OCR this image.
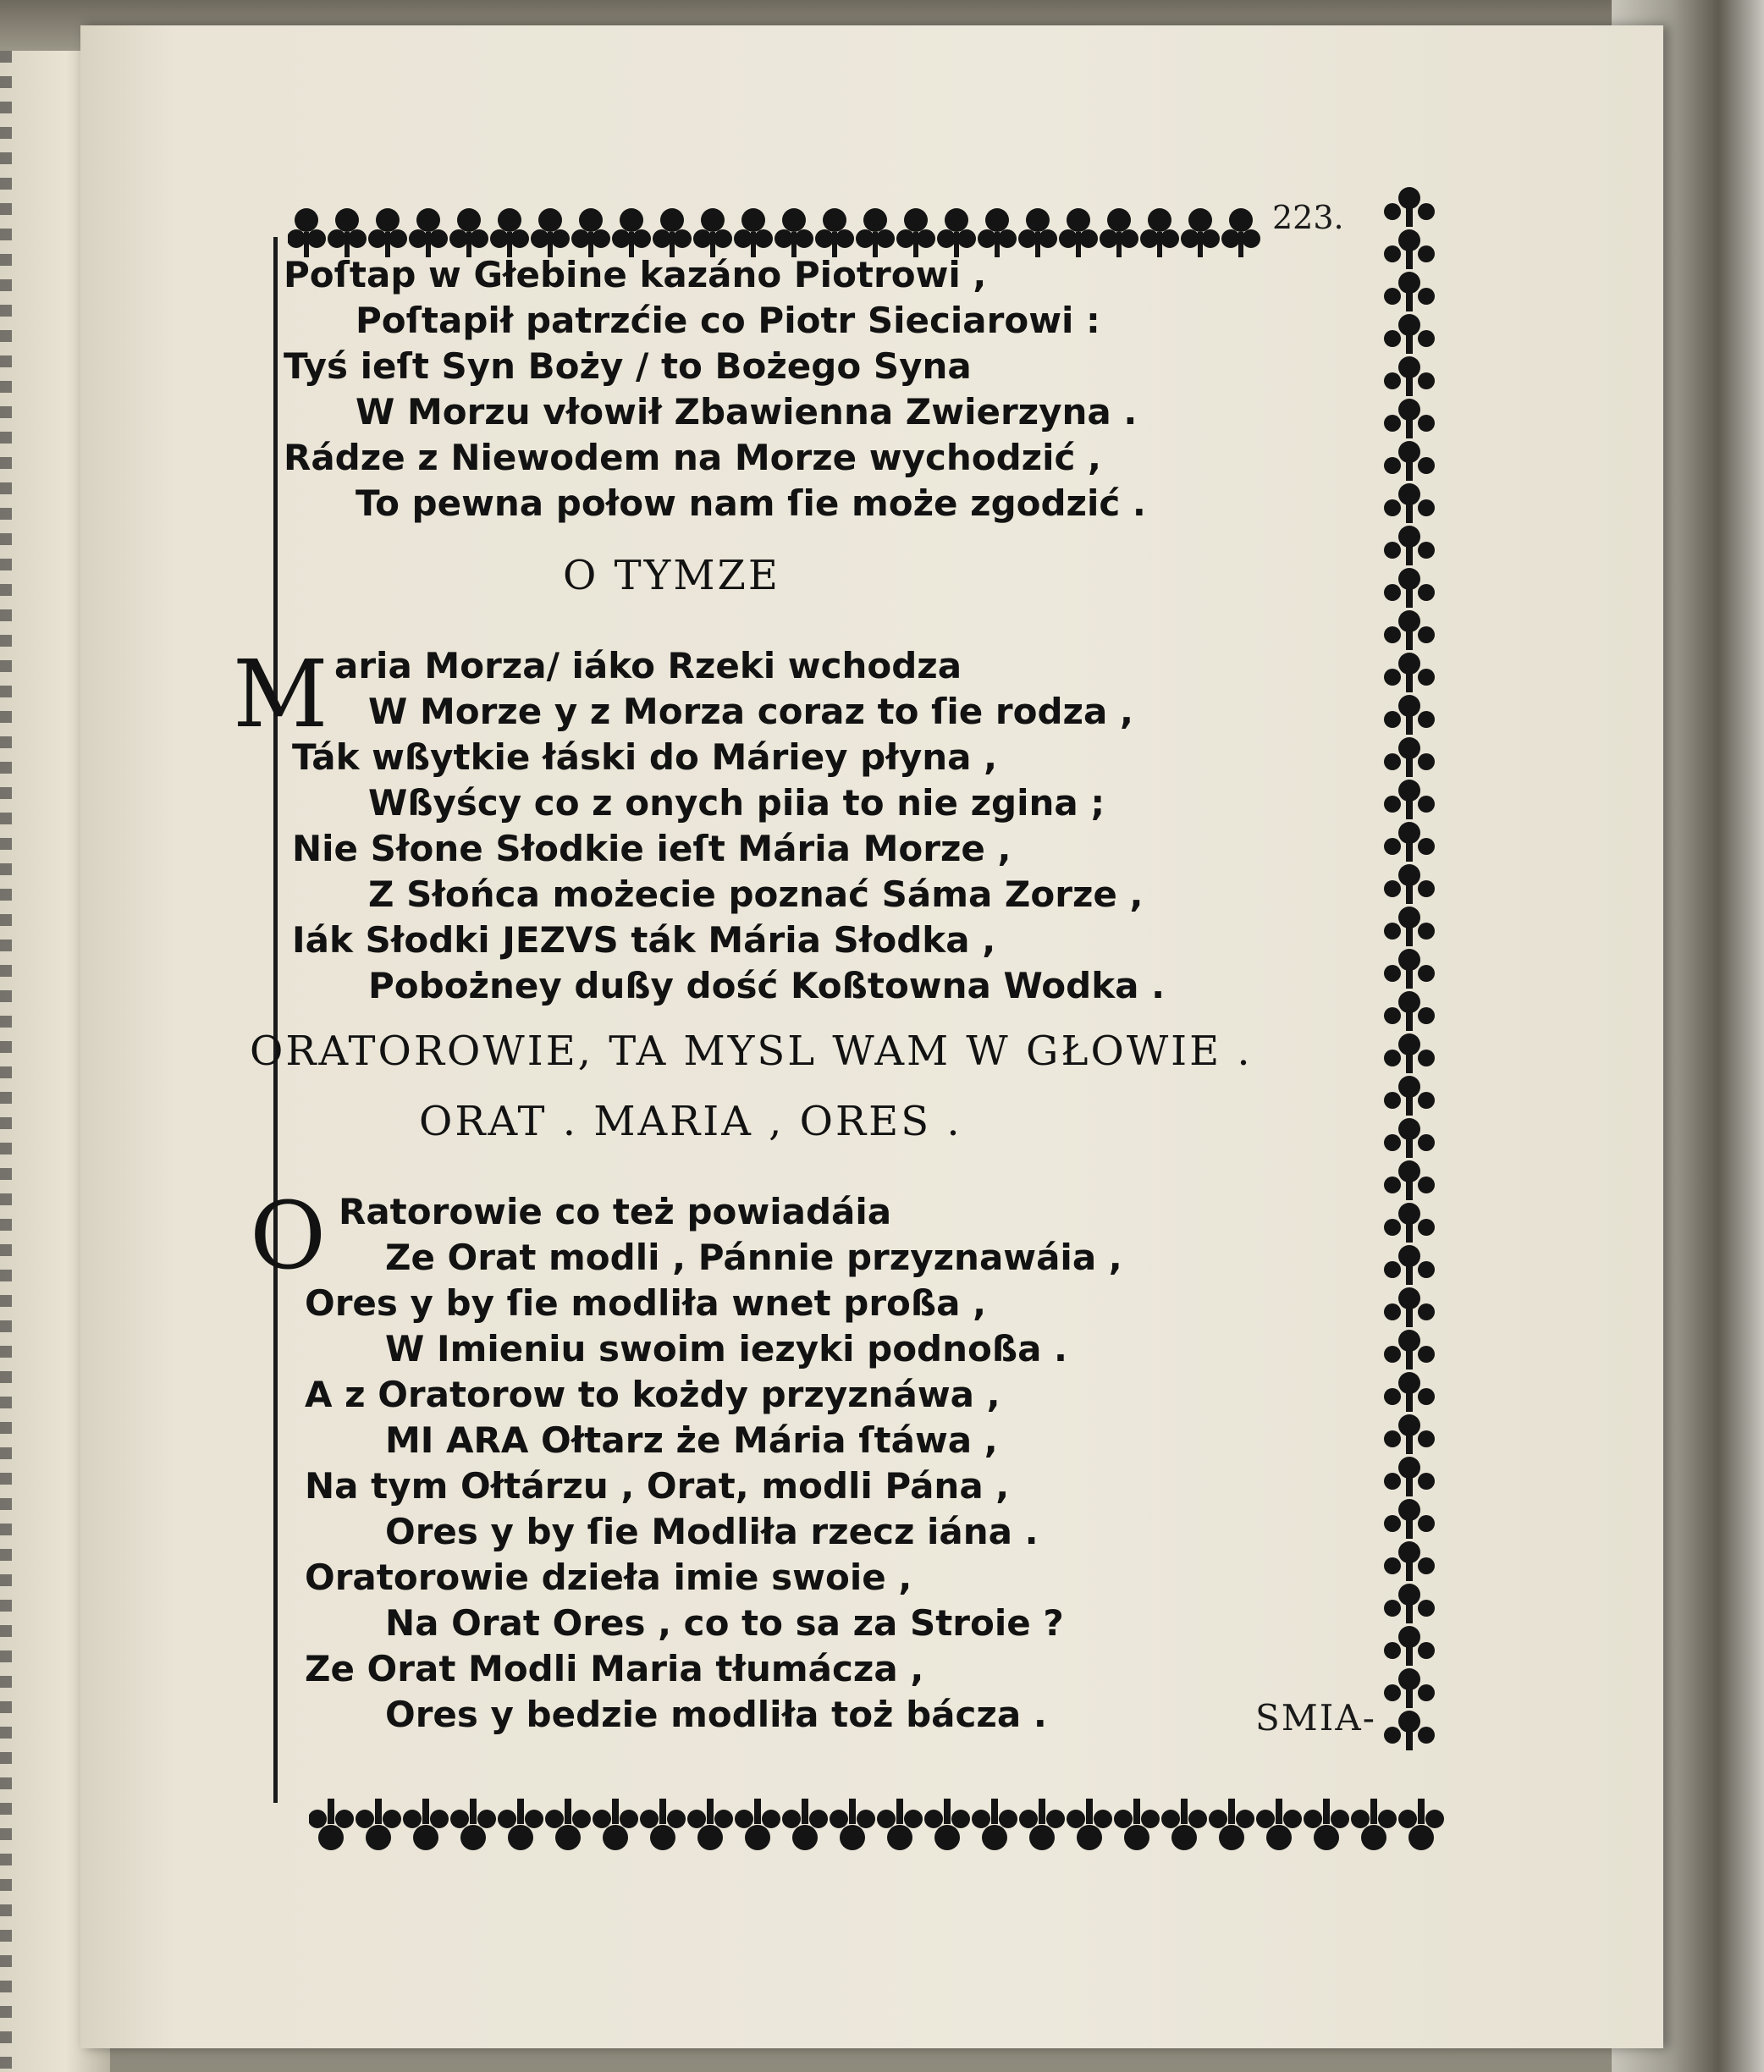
223.
Poſtap w Głebine kazáno Piotrowi ,
Poſtapił patrzćie co Piotr Sieciarowi :
Tyś ieſt Syn Boży / to Bożego Syna
W Morzu vłowił Zbawienna Zwierzyna .
Rádze z Niewodem na Morze wychodzić ,
To pewna połow nam ſie może zgodzić .
O TYMZE
M aria Morza/ iáko Rzeki wchodza
W Morze y z Morza coraz to ſie rodza ,
Ták wßytkie łáski do Máriey płyna ,
Wßyścy co z onych piia to nie zgina ;
Nie Słone Słodkie ieſt Mária Morze ,
Z Słońca możecie poznać Sáma Zorze ,
Iák Słodki JEZVS ták Mária Słodka ,
Pobożney dußy dość Koßtowna Wodka .
ORATOROWIE, TA MYSL WAM W GŁOWIE .
ORAT . MARIA , ORES .
O Ratorowie co też powiadáia
Ze Orat modli , Pánnie przyznawáia ,
Ores y by ſie modliła wnet proßa ,
W Imieniu swoim iezyki podnoßa .
A z Oratorow to kożdy przyznáwa ,
MI ARA Ołtarz że Mária ſtáwa ,
Na tym Ołtárzu , Orat, modli Pána ,
Ores y by ſie Modliła rzecz iána .
Oratorowie dzieła imie swoie ,
Na Orat Ores , co to sa za Stroie ?
Ze Orat Modli Maria tłumácza ,
Ores y bedzie modliła toż bácza .	SMIA-
